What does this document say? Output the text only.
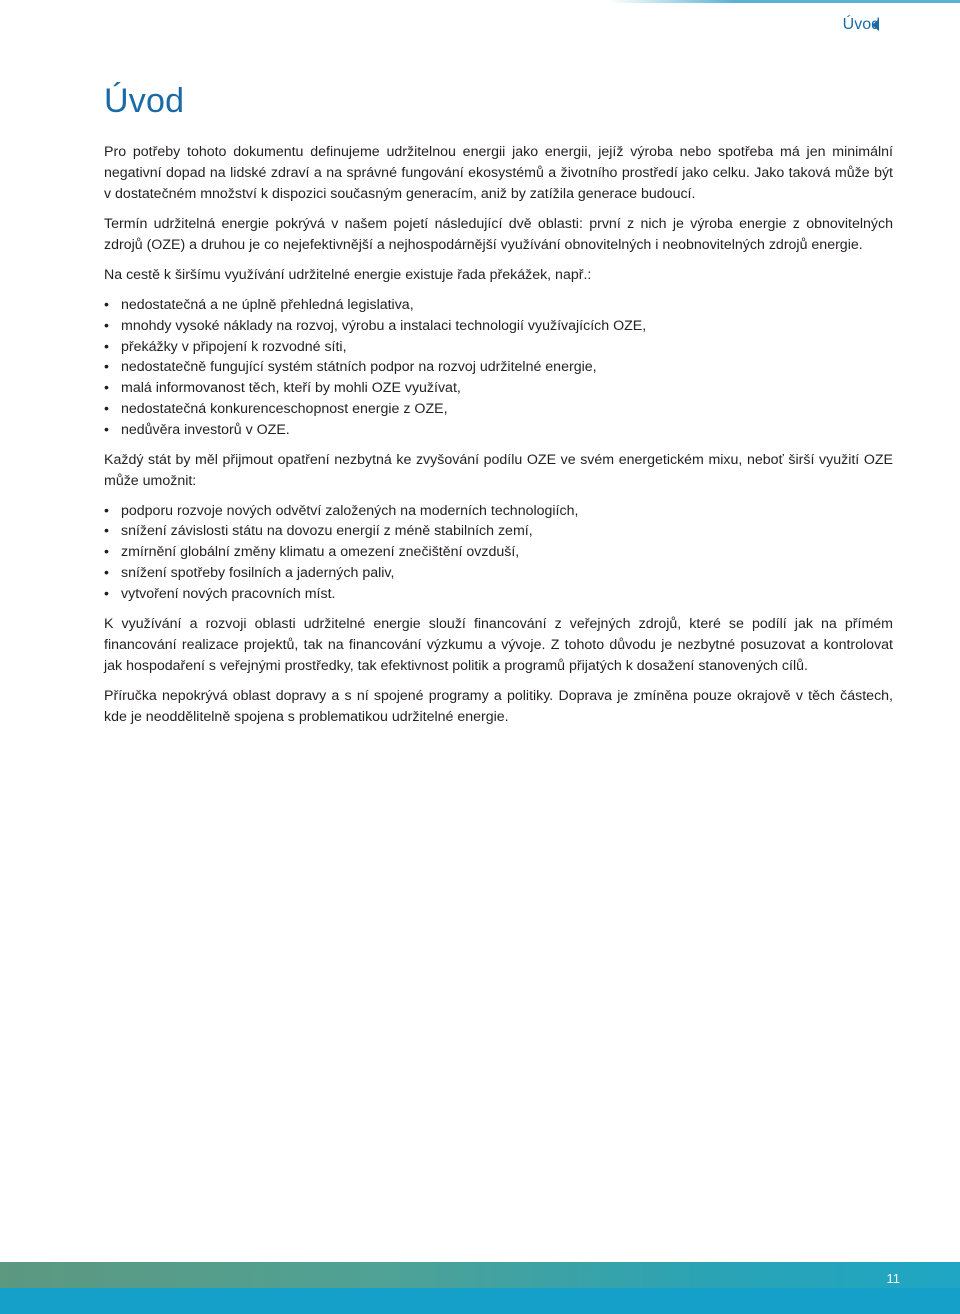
Úvod
Úvod

Pro potřeby tohoto dokumentu definujeme udržitelnou energii jako energii, jejíž výroba nebo spotřeba má jen minimální negativní dopad na lidské zdraví a na správné fungování ekosystémů a životního prostředí jako celku. Jako taková může být v dostatečném množství k dispozici současným generacím, aniž by zatížila generace budoucí.

Termín udržitelná energie pokrývá v našem pojetí následující dvě oblasti: první z nich je výroba energie z obnovitelných zdrojů (OZE) a druhou je co nejefektivnější a nejhospodárnější využívání obnovitelných i neobnovitelných zdrojů energie.

Na cestě k širšímu využívání udržitelné energie existuje řada překážek, např.:

• nedostatečná a ne úplně přehledná legislativa,
• mnohdy vysoké náklady na rozvoj, výrobu a instalaci technologií využívajících OZE,
• překážky v připojení k rozvodné síti,
• nedostatečně fungující systém státních podpor na rozvoj udržitelné energie,
• malá informovanost těch, kteří by mohli OZE využívat,
• nedostatečná konkurenceschopnost energie z OZE,
• nedůvěra investorů v OZE.

Každý stát by měl přijmout opatření nezbytná ke zvyšování podílu OZE ve svém energetickém mixu, neboť širší využití OZE může umožnit:

• podporu rozvoje nových odvětví založených na moderních technologiích,
• snížení závislosti státu na dovozu energií z méně stabilních zemí,
• zmírnění globální změny klimatu a omezení znečištění ovzduší,
• snížení spotřeby fosilních a jaderných paliv,
• vytvoření nových pracovních míst.

K využívání a rozvoji oblasti udržitelné energie slouží financování z veřejných zdrojů, které se podílí jak na přímém financování realizace projektů, tak na financování výzkumu a vývoje. Z tohoto důvodu je nezbytné posuzovat a kontrolovat jak hospodaření s veřejnými prostředky, tak efektivnost politik a programů přijatých k dosažení stanovených cílů.

Příručka nepokrývá oblast dopravy a s ní spojené programy a politiky. Doprava je zmíněna pouze okrajově v těch částech, kde je neoddělitelně spojena s problematikou udržitelné energie.

11
